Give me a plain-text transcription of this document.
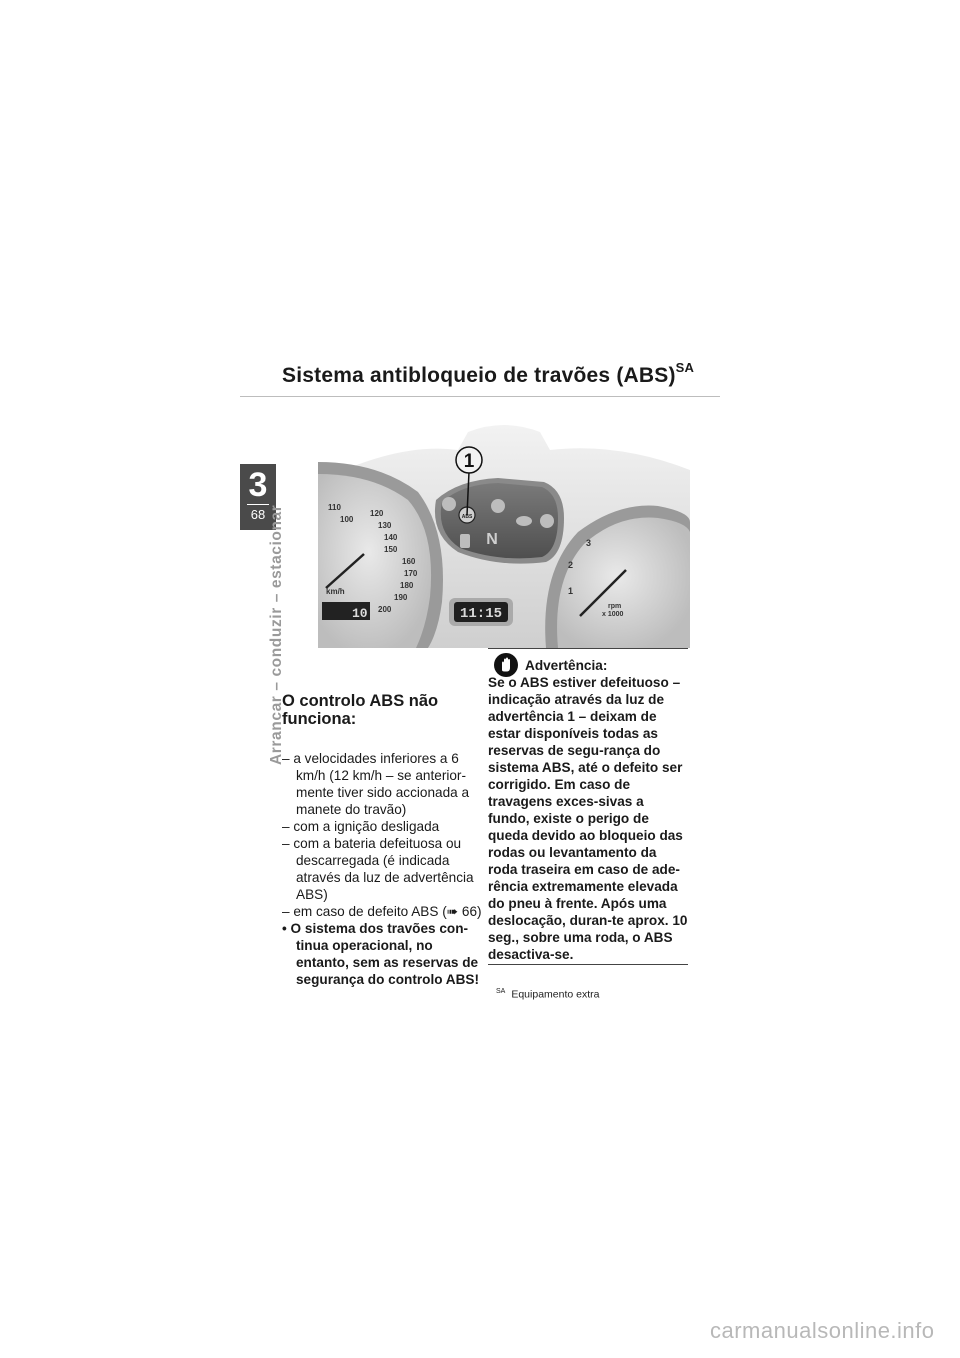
Sistema antibloqueio de travões (ABS)$^{SA}$
3
68 Arrancar – conduzir – estacionar	110
100
120
130
140
150
160
170
180
190
200
km/h
10
ABS
N
1
11:15
1
2
3
rpm
x 1000
O controlo ABS não funciona:
– a velocidades inferiores a 6 km/h (12 km/h – se anterior-mente tiver sido accionada a manete do travão)
– com a ignição desligada
– com a bateria defeituosa ou descarregada (é indicada através da luz de advertência ABS)
– em caso de defeito ABS (➠ 66)
• O sistema dos travões con-tinua operacional, no entanto, sem as reservas de segurança do controlo ABS!
Advertência:

Se o ABS estiver defeituoso – indicação através da luz de advertência 1 – deixam de estar disponíveis todas as reservas de segu-rança do sistema ABS, até o defeito ser corrigido. Em caso de travagens exces-sivas a fundo, existe o perigo de queda devido ao bloqueio das rodas ou levantamento da roda traseira em caso de ade-rência extremamente elevada do pneu à frente. Após uma deslocação, duran-te aprox. 10 seg., sobre uma roda, o ABS desactiva-se.

$^{SA}$ Equipamento extra
carmanualsonline.info
